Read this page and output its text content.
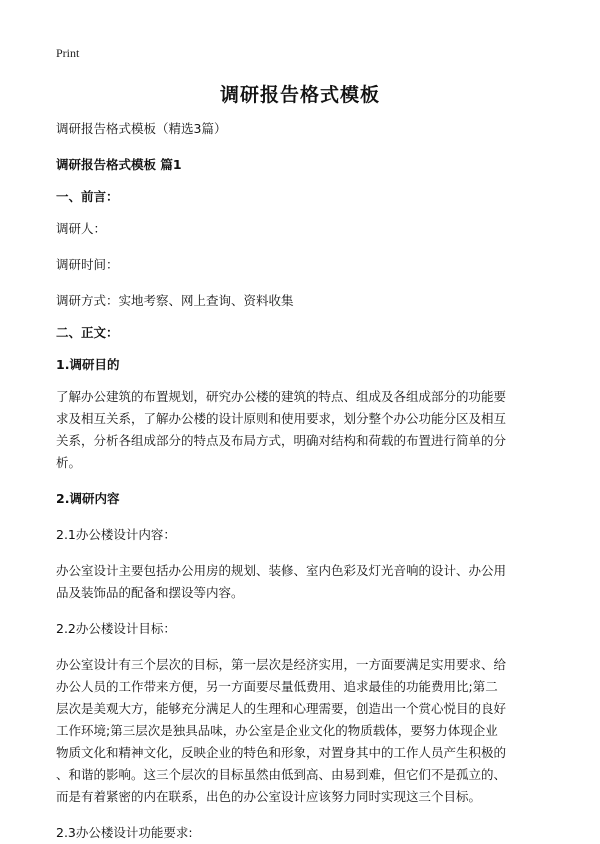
Print
调研报告格式模板

调研报告格式模板（精选3篇）

调研报告格式模板 篇1

一、前言：

调研人：

调研时间：

调研方式：实地考察、网上查询、资料收集

二、正文：

1.调研目的

了解办公建筑的布置规划，研究办公楼的建筑的特点、组成及各组成部分的功能要

求及相互关系，了解办公楼的设计原则和使用要求，划分整个办公功能分区及相互

关系，分析各组成部分的特点及布局方式，明确对结构和荷载的布置进行简单的分

析。

2.调研内容

2.1办公楼设计内容：

办公室设计主要包括办公用房的规划、装修、室内色彩及灯光音响的设计、办公用

品及装饰品的配备和摆设等内容。

2.2办公楼设计目标：

办公室设计有三个层次的目标，第一层次是经济实用，一方面要满足实用要求、给

办公人员的工作带来方便，另一方面要尽量低费用、追求最佳的功能费用比;第二

层次是美观大方，能够充分满足人的生理和心理需要，创造出一个赏心悦目的良好

工作环境;第三层次是独具品味，办公室是企业文化的物质载体，要努力体现企业

物质文化和精神文化，反映企业的特色和形象，对置身其中的工作人员产生积极的

、和谐的影响。这三个层次的目标虽然由低到高、由易到难，但它们不是孤立的、

而是有着紧密的内在联系，出色的办公室设计应该努力同时实现这三个目标。

2.3办公楼设计功能要求:
